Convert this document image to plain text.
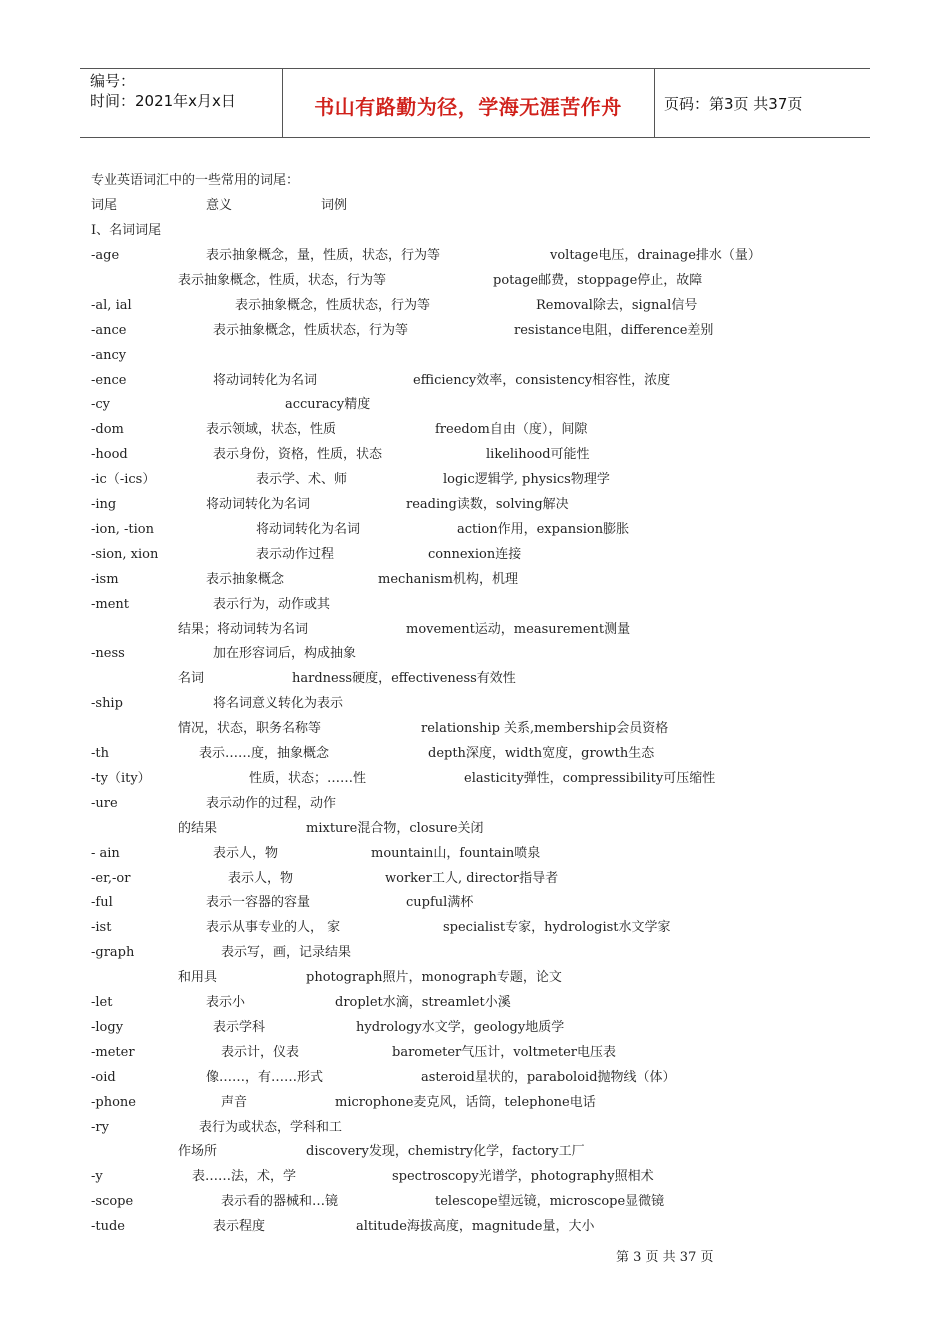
编号：
时间：2021年x月x日	书山有路勤为径，学海无涯苦作舟	页码：第3页 共37页
专业英语词汇中的一些常用的词尾：
词尾	意义	词例
Ⅰ、名词词尾
-age	表示抽象概念，量，性质，状态，行为等	voltage电压，drainage排水（量）
表示抽象概念，性质，状态，行为等	potage邮费，stoppage停止，故障
-al, ial	表示抽象概念，性质状态，行为等	Removal除去，signal信号
-ance	表示抽象概念，性质状态，行为等	resistance电阻，difference差别
-ancy
-ence	将动词转化为名词	efficiency效率，consistency相容性，浓度
-cy	accuracy精度
-dom	表示领域，状态，性质	freedom自由（度），间隙
-hood	表示身份，资格，性质，状态	likelihood可能性
-ic（-ics）	表示学、术、师	logic逻辑学, physics物理学
-ing	将动词转化为名词	reading读数，solving解决
-ion, -tion	将动词转化为名词	action作用，expansion膨胀
-sion, xion	表示动作过程	connexion连接
-ism	表示抽象概念	mechanism机构，机理
-ment	表示行为，动作或其
结果；将动词转为名词	movement运动，measurement测量
-ness	加在形容词后，构成抽象
名词	hardness硬度，effectiveness有效性
-ship	将名词意义转化为表示
情况，状态，职务名称等	relationship 关系,membership会员资格
-th	表示……度，抽象概念	depth深度，width宽度，growth生态
-ty（ity）	性质，状态；……性	elasticity弹性，compressibility可压缩性
-ure	表示动作的过程，动作
的结果	mixture混合物，closure关闭
- ain	表示人，物	mountain山，fountain喷泉
-er,-or	表示人，物	worker工人, director指导者
-ful	表示一容器的容量	cupful满杯
-ist	表示从事专业的人， 家	specialist专家，hydrologist水文学家
-graph	表示写，画，记录结果
和用具	photograph照片，monograph专题，论文
-let	表示小	droplet水滴，streamlet小溪
-logy	表示学科	hydrology水文学，geology地质学
-meter	表示计，仪表	barometer气压计，voltmeter电压表
-oid	像……，有……形式	asteroid星状的，paraboloid抛物线（体）
-phone	声音	microphone麦克风，话筒，telephone电话
-ry	表行为或状态，学科和工
作场所	discovery发现，chemistry化学，factory工厂
-y	表……法，术，学	spectroscopy光谱学，photography照相术
-scope	表示看的器械和…镜	telescope望远镜，microscope显微镜
-tude	表示程度	altitude海拔高度，magnitude量，大小
第 3 页 共 37 页
